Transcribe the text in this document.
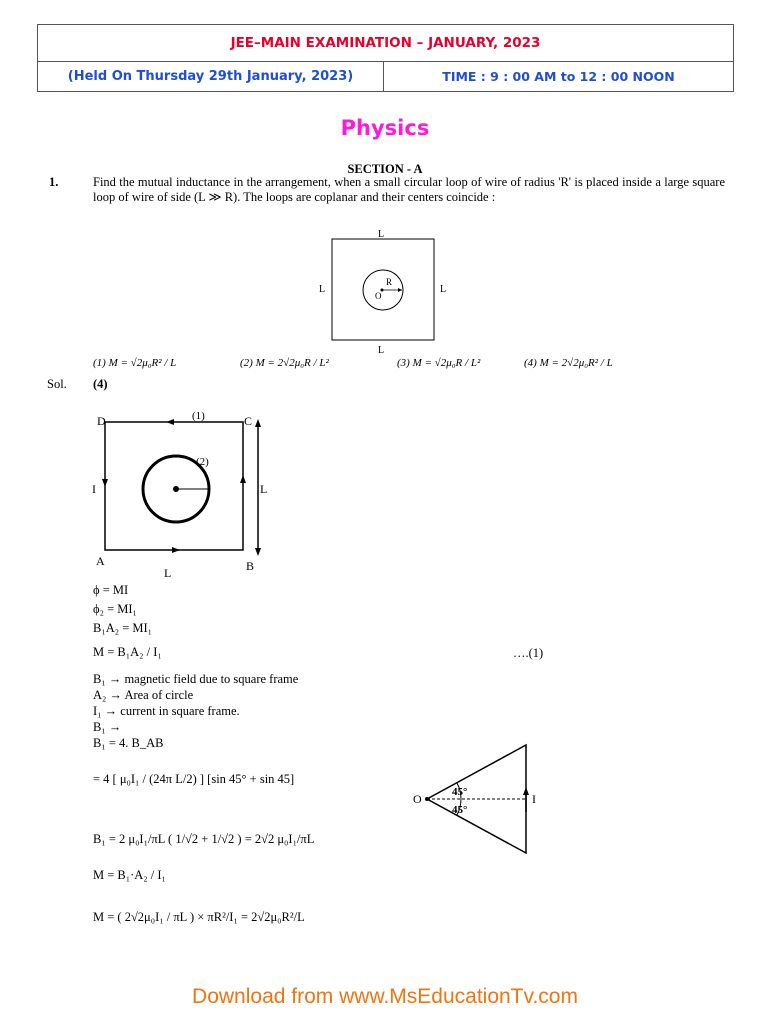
JEE–MAIN EXAMINATION – JANUARY, 2023
(Held On Thursday 29th January, 2023)	TIME : 9 : 00 AM to 12 : 00 NOON
Physics
SECTION - A
1.	Find the mutual inductance in the arrangement, when a small circular loop of wire of radius 'R' is placed inside a large square loop of wire of side (L ≫ R). The loops are coplanar and their centers coincide :
L
L	L
L
R
O
(1) M = √2μ₀R² / L	(2) M = 2√2μ₀R / L²	(3) M = √2μ₀R / L²	(4) M = 2√2μ₀R² / L
Sol. (4)
D	C
A	B
(1)
(2)
I	L
L
ϕ = MI
ϕ₂ = MI₁
B₁A₂ = MI₁
M = B₁A₂ / I₁	….(1)
B₁ → magnetic field due to square frame
A₂ → Area of circle
I₁ → current in square frame.
B₁ →
B₁ = 4. B_AB
= 4 [ μ₀I₁ / (24π L/2) ] [sin 45° + sin 45]
B₁ = 2 μ₀I₁/πL ( 1/√2 + 1/√2 ) = 2√2 μ₀I₁/πL
M = B₁·A₂ / I₁
M = ( 2√2μ₀I₁ / πL ) × πR²/I₁ = 2√2μ₀R²/L
O	45°
45°
I
Download from www.MsEducationTv.com
